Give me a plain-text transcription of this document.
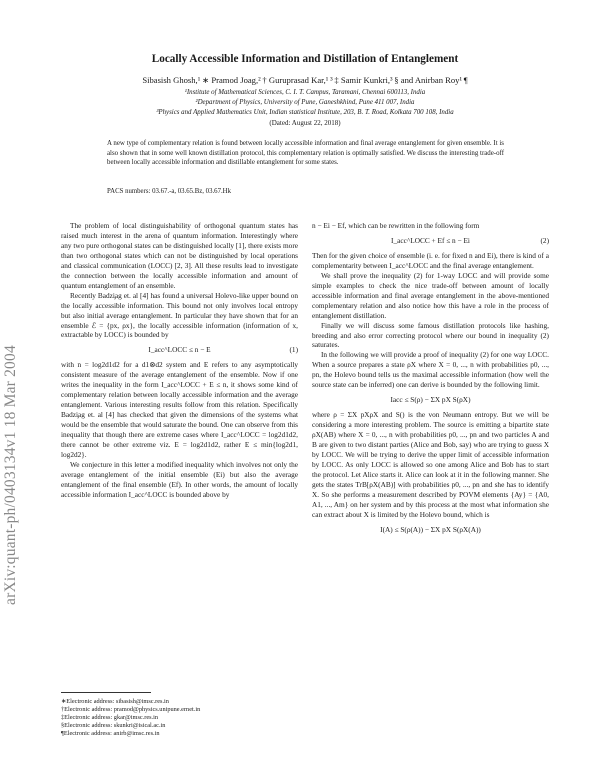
arXiv:quant-ph/0403134v1 18 Mar 2004
Locally Accessible Information and Distillation of Entanglement
Sibasish Ghosh,¹ ∗ Pramod Joag,² † Guruprasad Kar,¹ ³ ‡ Samir Kunkri,³ § and Anirban Roy¹ ¶
¹Institute of Mathematical Sciences, C. I. T. Campus, Taramani, Chennai 600113, India
²Department of Physics, University of Pune, Ganeshkhind, Pune 411 007, India
³Physics and Applied Mathematics Unit, Indian statistical Institute, 203, B. T. Road, Kolkata 700 108, India
(Dated: August 22, 2018)
A new type of complementary relation is found between locally accessible information and final average entanglement for given ensemble. It is also shown that in some well known distillation protocol, this complementary relation is optimally satisfied. We discuss the interesting trade-off between locally accessible information and distillable entanglement for some states.
PACS numbers: 03.67.-a, 03.65.Bz, 03.67.Hk

The problem of local distinguishability of orthogonal quantum states has raised much interest in the arena of quantum information. Interestingly where any two pure orthogonal states can be distinguished locally [1], there exists more than two orthogonal states which can not be distinguished by local operations and classical communication (LOCC) [2, 3]. All these results lead to investigate the connection between the locally accessible information and amount of quantum entanglement of an ensemble.

Recently Badzi̧ag et. al [4] has found a universal Holevo-like upper bound on the locally accessible information. This bound not only involves local entropy but also initial average entanglement. In particular they have shown that for an ensemble ℰ = {px, ρx}, the locally accessible information (information of x, extractable by LOCC) is bounded by

I_acc^LOCC ≤ n − E	(1)

with n = log2d1d2 for a d1⊗d2 system and E refers to any asymptotically consistent measure of the average entanglement of the ensemble. Now if one writes the inequality in the form I_acc^LOCC + E ≤ n, it shows some kind of complementary relation between locally accessible information and the average entanglement. Various interesting results follow from this relation. Specifically Badzi̧ag et. al [4] has checked that given the dimensions of the systems what would be the ensemble that would saturate the bound. One can observe from this inequality that though there are extreme cases where I_acc^LOCC = log2d1d2, there cannot be other extreme viz. E = log2d1d2, rather E ≤ min{log2d1, log2d2}.

We conjecture in this letter a modified inequality which involves not only the average entanglement of the initial ensemble (Ei) but also the average entanglement of the final ensemble (Ef). In other words, the amount of locally accessible information I_acc^LOCC is bounded above by

n − Ei − Ef, which can be rewritten in the following form

I_acc^LOCC + Ef ≤ n − Ei	(2)

Then for the given choice of ensemble (i. e. for fixed n and Ei), there is kind of a complementarity between I_acc^LOCC and the final average entanglement.

We shall prove the inequality (2) for 1-way LOCC and will provide some simple examples to check the nice trade-off between amount of locally accessible information and final average entanglement in the above-mentioned complementary relation and also notice how this have a role in the process of entanglement distillation.

Finally we will discuss some famous distillation protocols like hashing, breeding and also error correcting protocol where our bound in inequality (2) saturates.

In the following we will provide a proof of inequality (2) for one way LOCC. When a source prepares a state ρX where X = 0, ..., n with probabilities p0, ..., pn, the Holevo bound tells us the maximal accessible information (how well the source state can be inferred) one can derive is bounded by the following limit.

Iacc ≤ S(ρ) − ΣX pX S(ρX)

where ρ = ΣX pXρX and S() is the von Neumann entropy. But we will be considering a more interesting problem. The source is emitting a bipartite state ρX(AB) where X = 0, ..., n with probabilities p0, ..., pn and two particles A and B are given to two distant parties (Alice and Bob, say) who are trying to guess X by LOCC. We will be trying to derive the upper limit of accessible information by LOCC. As only LOCC is allowed so one among Alice and Bob has to start the protocol. Let Alice starts it. Alice can look at it in the following manner. She gets the states TrB[ρX(AB)] with probabilities p0, ..., pn and she has to identify X. So she performs a measurement described by POVM elements {Ay} = {A0, A1, ..., Am} on her system and by this process at the most what information she can extract about X is limited by the Holevo bound, which is

I(A) ≤ S(ρ(A)) − ΣX pX S(ρX(A))
∗Electronic address: sibasish@imsc.res.in
†Electronic address: pramod@physics.unipune.ernet.in
‡Electronic address: gkar@imsc.res.in
§Electronic address: skunkri@isical.ac.in
¶Electronic address: anirb@imsc.res.in
